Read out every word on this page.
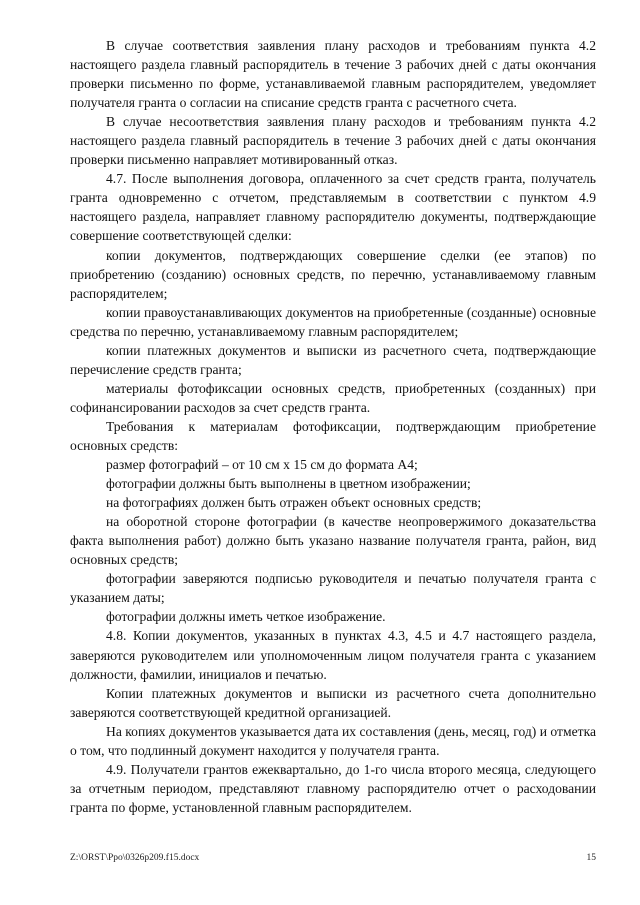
В случае соответствия заявления плану расходов и требованиям пункта 4.2 настоящего раздела главный распорядитель в течение 3 рабочих дней с даты окончания проверки письменно по форме, устанавливаемой главным распорядителем, уведомляет получателя гранта о согласии на списание средств гранта с расчетного счета.

В случае несоответствия заявления плану расходов и требованиям пункта 4.2 настоящего раздела главный распорядитель в течение 3 рабочих дней с даты окончания проверки письменно направляет мотивированный отказ.

4.7. После выполнения договора, оплаченного за счет средств гранта, получатель гранта одновременно с отчетом, представляемым в соответствии с пунктом 4.9 настоящего раздела, направляет главному распорядителю документы, подтверждающие совершение соответствующей сделки:

копии документов, подтверждающих совершение сделки (ее этапов) по приобретению (созданию) основных средств, по перечню, устанавливаемому главным распорядителем;

копии правоустанавливающих документов на приобретенные (созданные) основные средства по перечню, устанавливаемому главным распорядителем;

копии платежных документов и выписки из расчетного счета, подтверждающие перечисление средств гранта;

материалы фотофиксации основных средств, приобретенных (созданных) при софинансировании расходов за счет средств гранта.

Требования к материалам фотофиксации, подтверждающим приобретение основных средств:

размер фотографий – от 10 см х 15 см до формата А4;

фотографии должны быть выполнены в цветном изображении;

на фотографиях должен быть отражен объект основных средств;

на оборотной стороне фотографии (в качестве неопровержимого доказательства факта выполнения работ) должно быть указано название получателя гранта, район, вид основных средств;

фотографии заверяются подписью руководителя и печатью получателя гранта с указанием даты;

фотографии должны иметь четкое изображение.

4.8. Копии документов, указанных в пунктах 4.3, 4.5 и 4.7 настоящего раздела, заверяются руководителем или уполномоченным лицом получателя гранта с указанием должности, фамилии, инициалов и печатью.

Копии платежных документов и выписки из расчетного счета дополнительно заверяются соответствующей кредитной организацией.

На копиях документов указывается дата их составления (день, месяц, год) и отметка о том, что подлинный документ находится у получателя гранта.

4.9. Получатели грантов ежеквартально, до 1-го числа второго месяца, следующего за отчетным периодом, представляют главному распорядителю отчет о расходовании гранта по форме, установленной главным распорядителем.

Z:\ORST\Ppo\0326p209.f15.docx	15
